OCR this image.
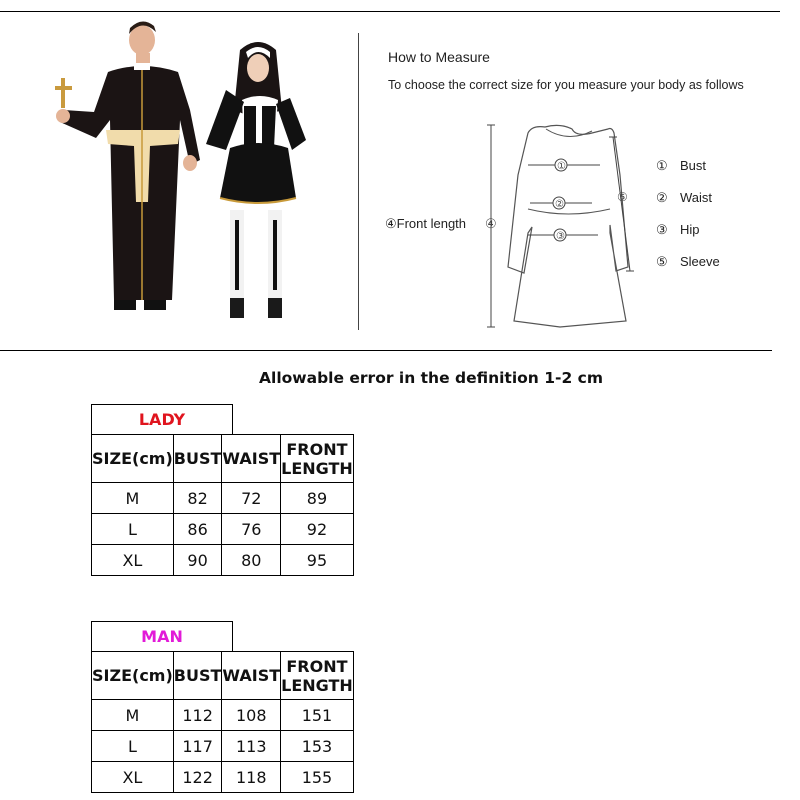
How to Measure
To choose the correct size for you measure your body as follows
④Front length ④
①
②
③
⑤
① Bust
② Waist
③ Hip
⑤ Sleeve
Allowable error in the definition 1-2 cm
LADY
SIZE(cm)	BUST	WAIST	FRONT LENGTH
M	82	72	89
L	86	76	92
XL	90	80	95
MAN
SIZE(cm)	BUST	WAIST	FRONT LENGTH
M	112	108	151
L	117	113	153
XL	122	118	155
